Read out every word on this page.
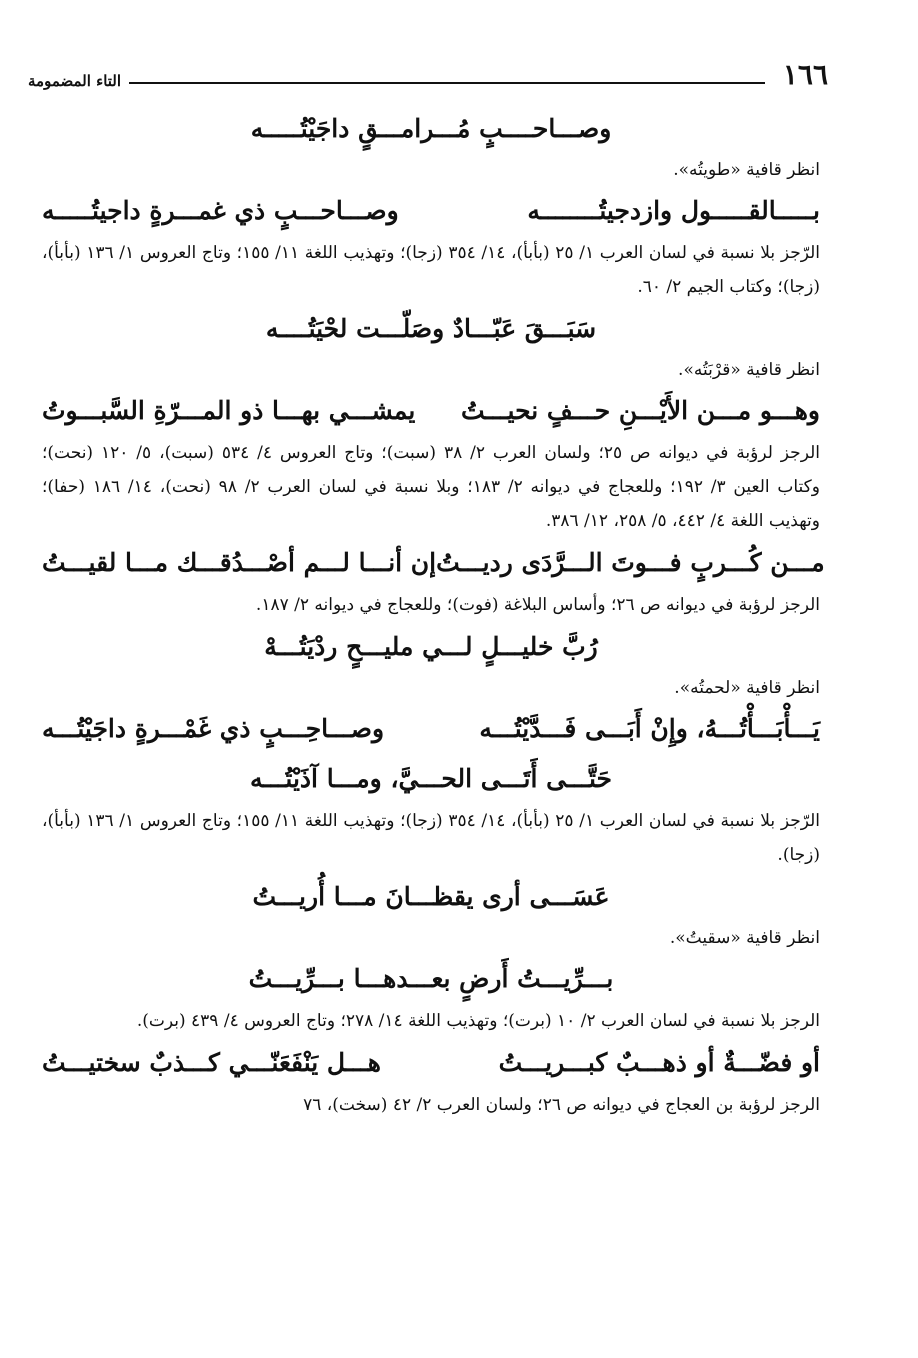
١٦٦
التاء المضمومة
وصـــاحــــبٍ مُـــرامـــقٍ داجَيْتُـــــه

انظر قافية «طويتُه».

وصـــاحـــبٍ ذي غمـــرةٍ داجيتُـــــه	بـــــالقـــــول وازدجيتُــــــــه

الرّجز بلا نسبة في لسان العرب ١/ ٢٥ (بأبأ)، ١٤/ ٣٥٤ (زجا)؛ وتهذيب اللغة ١١/ ١٥٥؛ وتاج العروس ١/ ١٣٦ (بأبأ)، (زجا)؛ وكتاب الجيم ٢/ ٦٠.

سَبَـــقَ عَبّـــادٌ وصَلّـــت لحْيَتُــــه

انظر قافية «قرْبَتُه».

يمشـــي بهـــا ذو المـــرّةِ السَّبـــوتُ وهـــو مـــن الأَيْـــنِ حـــفٍ نحيـــتُ

الرجز لرؤبة في ديوانه ص ٢٥؛ ولسان العرب ٢/ ٣٨ (سبت)؛ وتاج العروس ٤/ ٥٣٤ (سبت)، ٥/ ١٢٠ (نحت)؛ وكتاب العين ٣/ ١٩٢؛ وللعجاج في ديوانه ٢/ ١٨٣؛ وبلا نسبة في لسان العرب ٢/ ٩٨ (نحت)، ١٤/ ١٨٦ (حفا)؛ وتهذيب اللغة ٤/ ٤٤٢، ٥/ ٢٥٨، ١٢/ ٣٨٦.

إن أنـــا لـــم أصْـــدُقـــك مـــا لقيـــتُ مـــن كُـــربٍ فـــوتَ الـــرَّدَى رديـــتُ

الرجز لرؤبة في ديوانه ص ٢٦؛ وأساس البلاغة (فوت)؛ وللعجاج في ديوانه ٢/ ١٨٧.

رُبَّ خليـــلٍ لـــي مليـــحٍ ردْيَتُـــهْ

انظر قافية «لحمتُه».

وصـــاحِـــبٍ ذي غَمْـــرةٍ داجَيْتُـــه	يَـــأْبَـــأْتُـــهُ، وإِنْ أَبَـــى فَـــدَّيْتُـــه
حَتَّـــى أَتَـــى الحـــيَّ، ومـــا آذَيْتُـــه

الرّجز بلا نسبة في لسان العرب ١/ ٢٥ (بأبأ)، ١٤/ ٣٥٤ (زجا)؛ وتهذيب اللغة ١١/ ١٥٥؛ وتاج العروس ١/ ١٣٦ (بأبأ)، (زجا).

عَسَـــى أرى يقظـــانَ مـــا أُريـــتُ

انظر قافية «سقيتُ».

بـــرِّيـــتُ أَرضٍ بعـــدهـــا بـــرِّيـــتُ

الرجز بلا نسبة في لسان العرب ٢/ ١٠ (برت)؛ وتهذيب اللغة ١٤/ ٢٧٨؛ وتاج العروس ٤/ ٤٣٩ (برت).

هـــل يَنْفَعَنّـــي كـــذبٌ سختيـــتُ	أو فضّـــةٌ أو ذهـــبٌ كبـــريـــتُ

الرجز لرؤبة بن العجاج في ديوانه ص ٢٦؛ ولسان العرب ٢/ ٤٢ (سخت)، ٧٦
